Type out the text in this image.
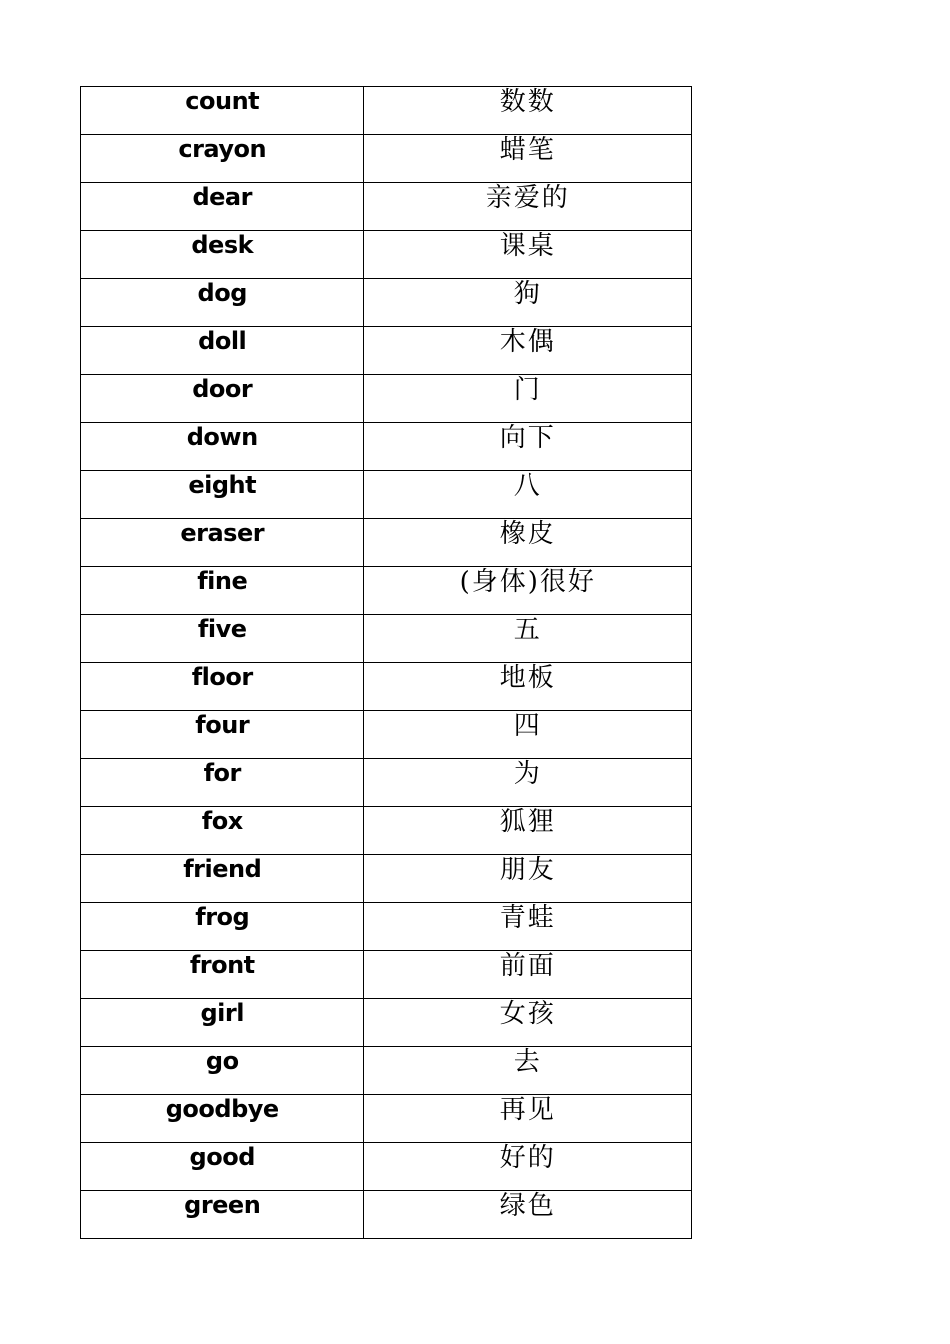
count	数数

crayon	蜡笔

dear	亲爱的

desk	课桌

dog	狗

doll	木偶

door	门

down	向下

eight	八

eraser	橡皮

fine	(身体)很好

five	五

floor	地板

four	四

for	为

fox	狐狸

friend	朋友

frog	青蛙

front	前面

girl	女孩

go	去

goodbye	再见

good	好的

green	绿色
